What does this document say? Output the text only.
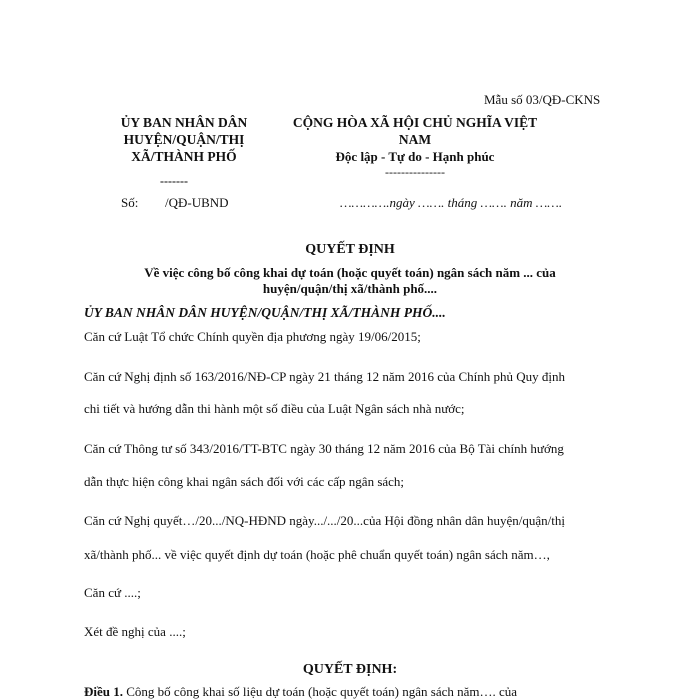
Mẫu số 03/QĐ-CKNS
ỦY BAN NHÂN DÂN
HUYỆN/QUẬN/THỊ
XÃ/THÀNH PHỐ
-------
CỘNG HÒA XÃ HỘI CHỦ NGHĨA VIỆT NAM
Độc lập - Tự do - Hạnh phúc
---------------
Số: /QĐ-UBND	………….ngày ……. tháng ……. năm …….
QUYẾT ĐỊNH
Về việc công bố công khai dự toán (hoặc quyết toán) ngân sách năm ... của
huyện/quận/thị xã/thành phố....
ỦY BAN NHÂN DÂN HUYỆN/QUẬN/THỊ XÃ/THÀNH PHỐ....
Căn cứ Luật Tổ chức Chính quyền địa phương ngày 19/06/2015;
Căn cứ Nghị định số 163/2016/NĐ-CP ngày 21 tháng 12 năm 2016 của Chính phủ Quy định
chi tiết và hướng dẫn thi hành một số điều của Luật Ngân sách nhà nước;
Căn cứ Thông tư số 343/2016/TT-BTC ngày 30 tháng 12 năm 2016 của Bộ Tài chính hướng
dẫn thực hiện công khai ngân sách đối với các cấp ngân sách;
Căn cứ Nghị quyết…/20.../NQ-HĐND ngày.../.../20...của Hội đồng nhân dân huyện/quận/thị
xã/thành phố... về việc quyết định dự toán (hoặc phê chuẩn quyết toán) ngân sách năm…,
Căn cứ ....;
Xét đề nghị của ....;
QUYẾT ĐỊNH:
Điều 1. Công bố công khai số liệu dự toán (hoặc quyết toán) ngân sách năm…. của
